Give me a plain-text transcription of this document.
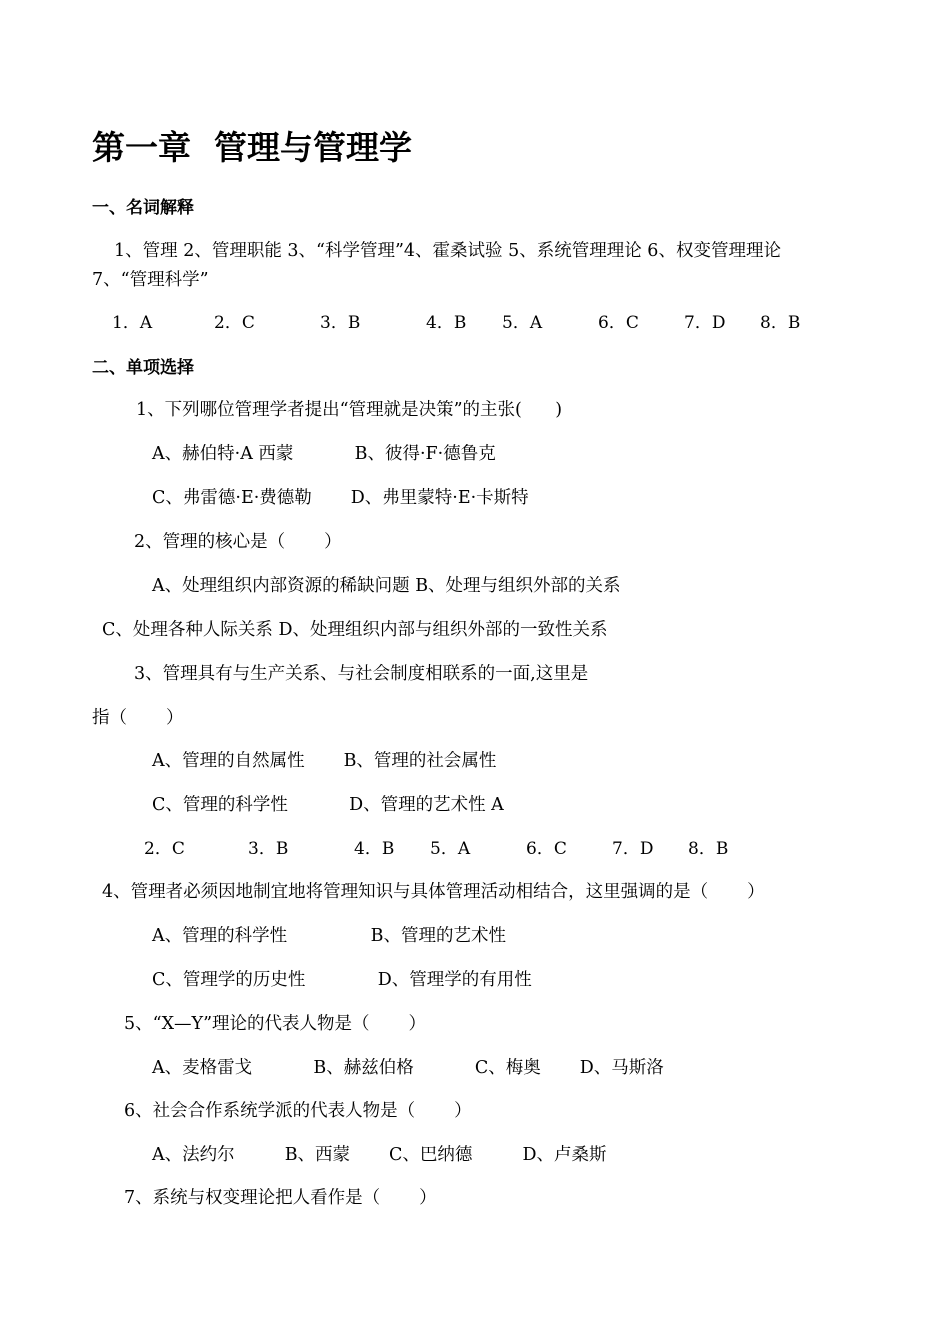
第一章  管理与管理学
一、名词解释
1、管理 2、管理职能 3、“科学管理”4、霍桑试验 5、系统管理理论 6、权变管理理论
7、“管理科学”
1．A	2．C	3．B	4．B 5．A	6．C	7．D 8．B
二、单项选择
1、下列哪位管理学者提出“管理就是决策”的主张(      )
A、赫伯特·A 西蒙           B、彼得·F·德鲁克
C、弗雷德·E·费德勒       D、弗里蒙特·E·卡斯特
2、管理的核心是（       ）
A、处理组织内部资源的稀缺问题 B、处理与组织外部的关系
C、处理各种人际关系 D、处理组织内部与组织外部的一致性关系
3、管理具有与生产关系、与社会制度相联系的一面,这里是
指（       ）
A、管理的自然属性       B、管理的社会属性
C、管理的科学性           D、管理的艺术性 A
2．C	3．B	4．B 5．A	6．C	7．D 8．B
4、管理者必须因地制宜地将管理知识与具体管理活动相结合，这里强调的是（       ）
A、管理的科学性               B、管理的艺术性
C、管理学的历史性             D、管理学的有用性
5、“X—Y”理论的代表人物是（       ）
A、麦格雷戈           B、赫兹伯格           C、梅奥       D、马斯洛
6、社会合作系统学派的代表人物是（       ）
A、法约尔         B、西蒙       C、巴纳德         D、卢桑斯
7、系统与权变理论把人看作是（       ）
